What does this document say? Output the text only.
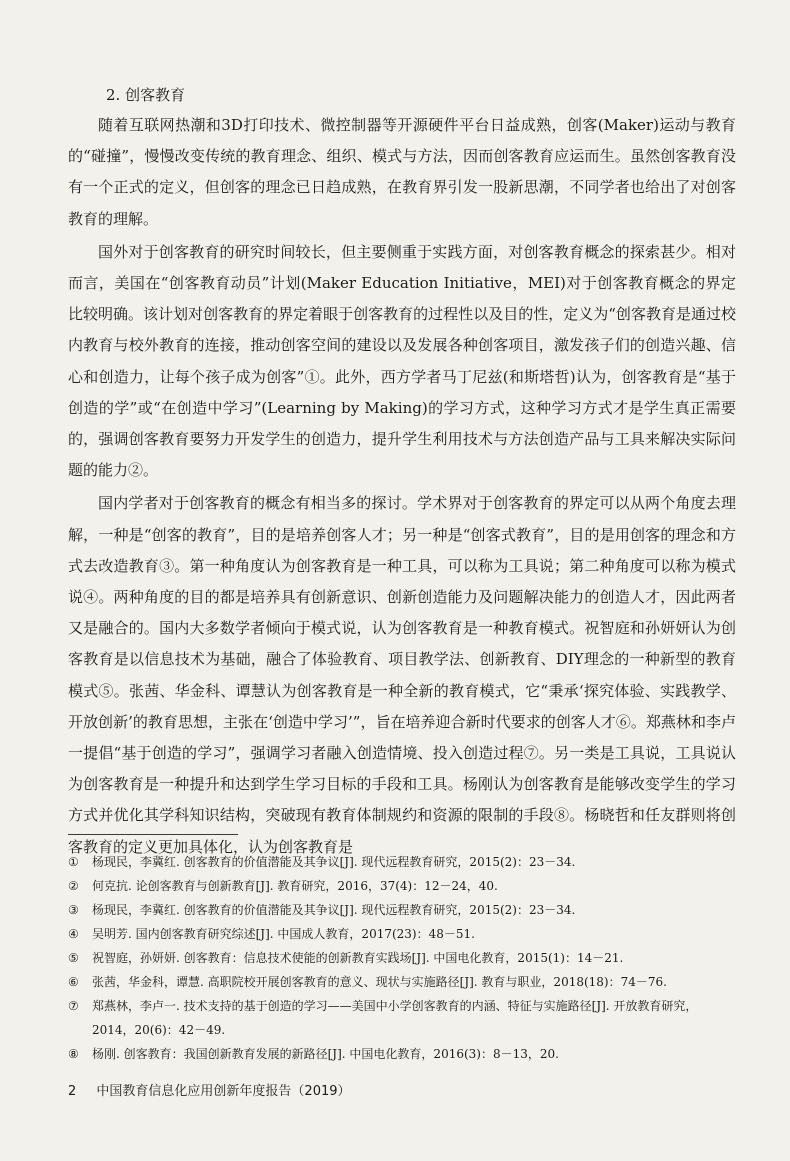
2. 创客教育

随着互联网热潮和3D打印技术、微控制器等开源硬件平台日益成熟，创客(Maker)运动与教育的“碰撞”，慢慢改变传统的教育理念、组织、模式与方法，因而创客教育应运而生。虽然创客教育没有一个正式的定义，但创客的理念已日趋成熟，在教育界引发一股新思潮，不同学者也给出了对创客教育的理解。

国外对于创客教育的研究时间较长，但主要侧重于实践方面，对创客教育概念的探索甚少。相对而言，美国在“创客教育动员”计划(Maker Education Initiative，MEI)对于创客教育概念的界定比较明确。该计划对创客教育的界定着眼于创客教育的过程性以及目的性，定义为“创客教育是通过校内教育与校外教育的连接，推动创客空间的建设以及发展各种创客项目，激发孩子们的创造兴趣、信心和创造力，让每个孩子成为创客”①。此外，西方学者马丁尼兹(和斯塔哲)认为，创客教育是“基于创造的学”或“在创造中学习”(Learning by Making)的学习方式，这种学习方式才是学生真正需要的，强调创客教育要努力开发学生的创造力，提升学生利用技术与方法创造产品与工具来解决实际问题的能力②。

国内学者对于创客教育的概念有相当多的探讨。学术界对于创客教育的界定可以从两个角度去理解，一种是“创客的教育”，目的是培养创客人才；另一种是“创客式教育”，目的是用创客的理念和方式去改造教育③。第一种角度认为创客教育是一种工具，可以称为工具说；第二种角度可以称为模式说④。两种角度的目的都是培养具有创新意识、创新创造能力及问题解决能力的创造人才，因此两者又是融合的。国内大多数学者倾向于模式说，认为创客教育是一种教育模式。祝智庭和孙妍妍认为创客教育是以信息技术为基础，融合了体验教育、项目教学法、创新教育、DIY理念的一种新型的教育模式⑤。张茜、华金科、谭慧认为创客教育是一种全新的教育模式，它“秉承‘探究体验、实践教学、开放创新’的教育思想，主张在‘创造中学习’”，旨在培养迎合新时代要求的创客人才⑥。郑燕林和李卢一提倡“基于创造的学习”，强调学习者融入创造情境、投入创造过程⑦。另一类是工具说，工具说认为创客教育是一种提升和达到学生学习目标的手段和工具。杨刚认为创客教育是能够改变学生的学习方式并优化其学科知识结构，突破现有教育体制规约和资源的限制的手段⑧。杨晓哲和任友群则将创客教育的定义更加具体化，认为创客教育是

①	杨现民，李冀红. 创客教育的价值潜能及其争议[J]. 现代远程教育研究，2015(2)：23－34.
②	何克抗. 论创客教育与创新教育[J]. 教育研究，2016，37(4)：12－24，40.
③	杨现民，李冀红. 创客教育的价值潜能及其争议[J]. 现代远程教育研究，2015(2)：23－34.
④	吴明芳. 国内创客教育研究综述[J]. 中国成人教育，2017(23)：48－51.
⑤	祝智庭，孙妍妍. 创客教育：信息技术使能的创新教育实践场[J]. 中国电化教育，2015(1)：14－21.
⑥	张茜，华金科，谭慧. 高职院校开展创客教育的意义、现状与实施路径[J]. 教育与职业，2018(18)：74－76.
⑦	郑燕林，李卢一. 技术支持的基于创造的学习——美国中小学创客教育的内涵、特征与实施路径[J]. 开放教育研究，2014，20(6)：42－49.
⑧	杨刚. 创客教育：我国创新教育发展的新路径[J]. 中国电化教育，2016(3)：8－13，20.
2 中国教育信息化应用创新年度报告（2019）
